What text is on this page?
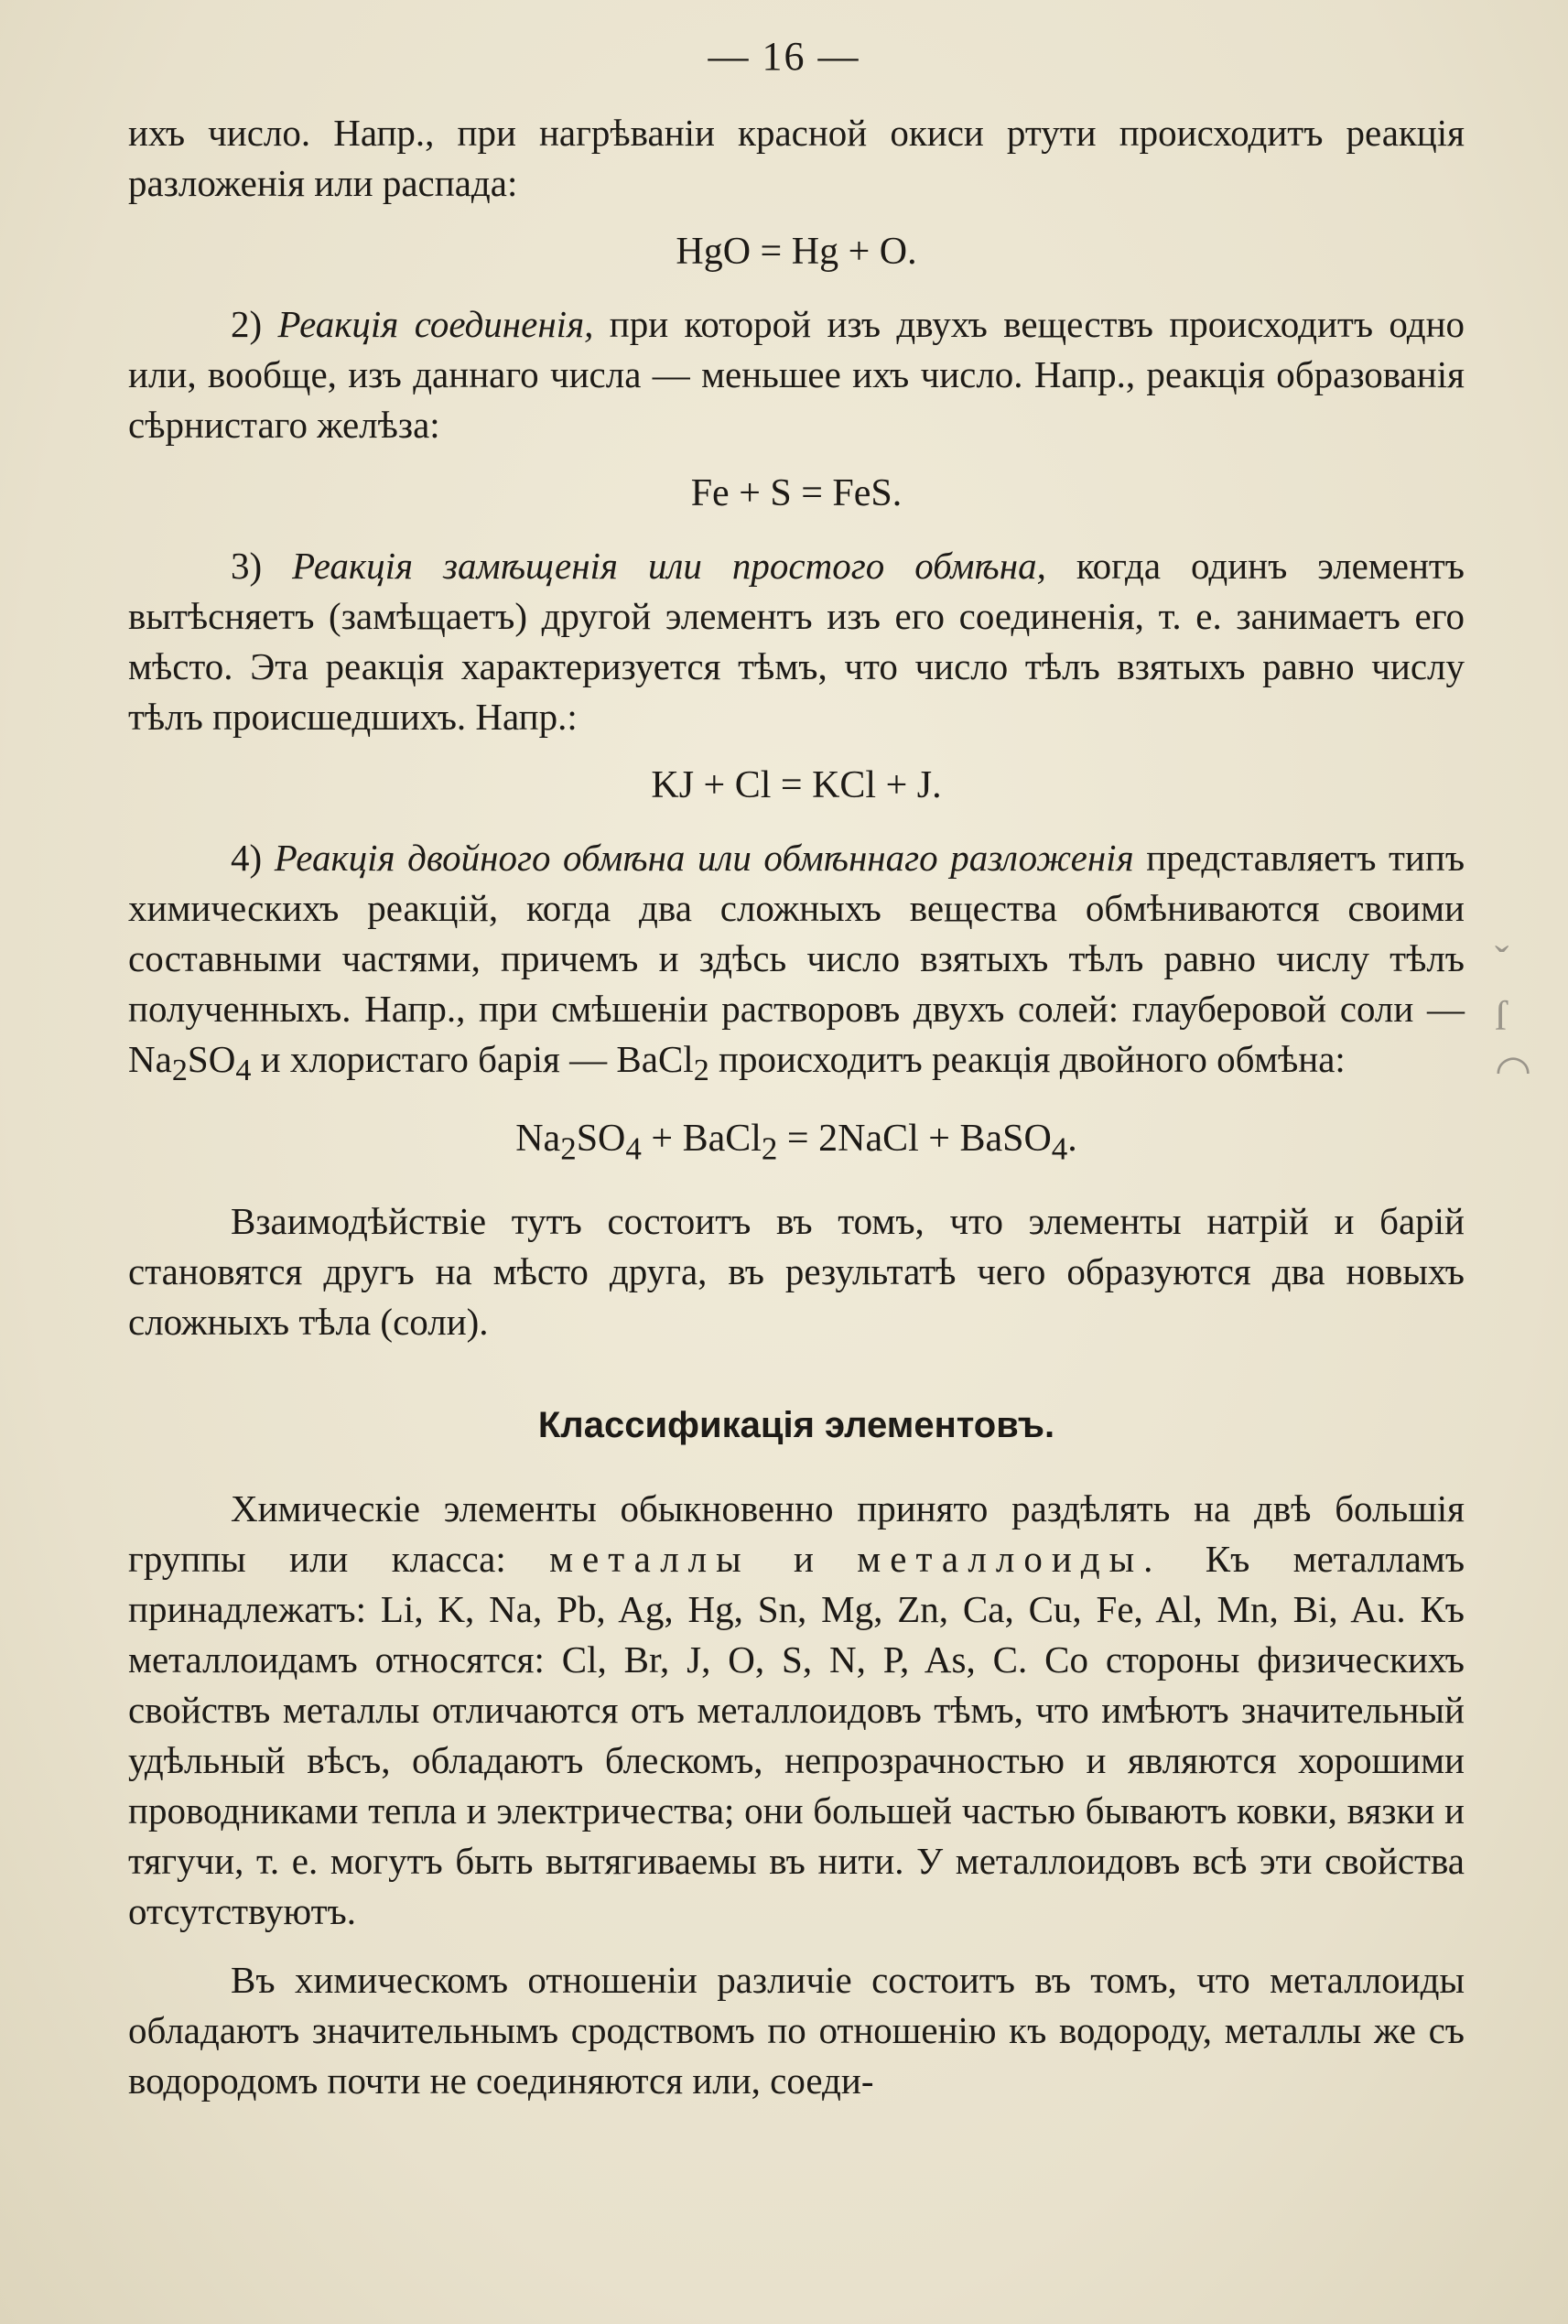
— 16 —

ихъ число. Напр., при нагрѣванiи красной окиси ртути происходитъ реакцiя разложенiя или распада:

HgO = Hg + O.

2) Реакцiя соединенiя, при которой изъ двухъ веществъ происходитъ одно или, вообще, изъ даннаго числа — меньшее ихъ число. Напр., реакцiя образованiя сѣрнистаго желѣза:

Fe + S = FeS.

3) Реакцiя замѣщенiя или простого обмѣна, когда одинъ элементъ вытѣсняетъ (замѣщаетъ) другой элементъ изъ его соединенiя, т. е. занимаетъ его мѣсто. Эта реакцiя характеризуется тѣмъ, что число тѣлъ взятыхъ равно числу тѣлъ происшедшихъ. Напр.:

KJ + Cl = KCl + J.

4) Реакцiя двойного обмѣна или обмѣннаго разложенiя представляетъ типъ химическихъ реакцiй, когда два сложныхъ вещества обмѣниваются своими составными частями, причемъ и здѣсь число взятыхъ тѣлъ равно числу тѣлъ полученныхъ. Напр., при смѣшенiи растворовъ двухъ солей: глауберовой соли — $Na_2SO_4$ и хлористаго барiя — BaCl$_2$ происходитъ реакцiя двойного обмѣна:

$Na_2SO_4$ + BaCl$_2$ = 2NaCl + BaSO$_4$.

Взаимодѣйствiе тутъ состоитъ въ томъ, что элементы натрiй и барiй становятся другъ на мѣсто друга, въ результатѣ чего образуются два новыхъ сложныхъ тѣла (соли).

Классификацiя элементовъ.

Химическiе элементы обыкновенно принято раздѣлять на двѣ большiя группы или класса: металлы и металлоиды. Къ металламъ принадлежатъ: Li, K, Na, Pb, Ag, Hg, Sn, Mg, Zn, Ca, Cu, Fe, Al, Mn, Bi, Au. Къ металлоидамъ относятся: Cl, Br, J, O, S, N, P, As, C. Со стороны физическихъ свойствъ металлы отличаются отъ металлоидовъ тѣмъ, что имѣютъ значительный удѣльный вѣсъ, обладаютъ блескомъ, непрозрачностью и являются хорошими проводниками тепла и электричества; они большей частью бываютъ ковки, вязки и тягучи, т. е. могутъ быть вытягиваемы въ нити. У металлоидовъ всѣ эти свойства отсутствуютъ.

Въ химическомъ отношенiи различiе состоитъ въ томъ, что металлоиды обладаютъ значительнымъ сродствомъ по отношенiю къ водороду, металлы же съ водородомъ почти не соединяются или, соеди-

ˇ
ſ
◠
